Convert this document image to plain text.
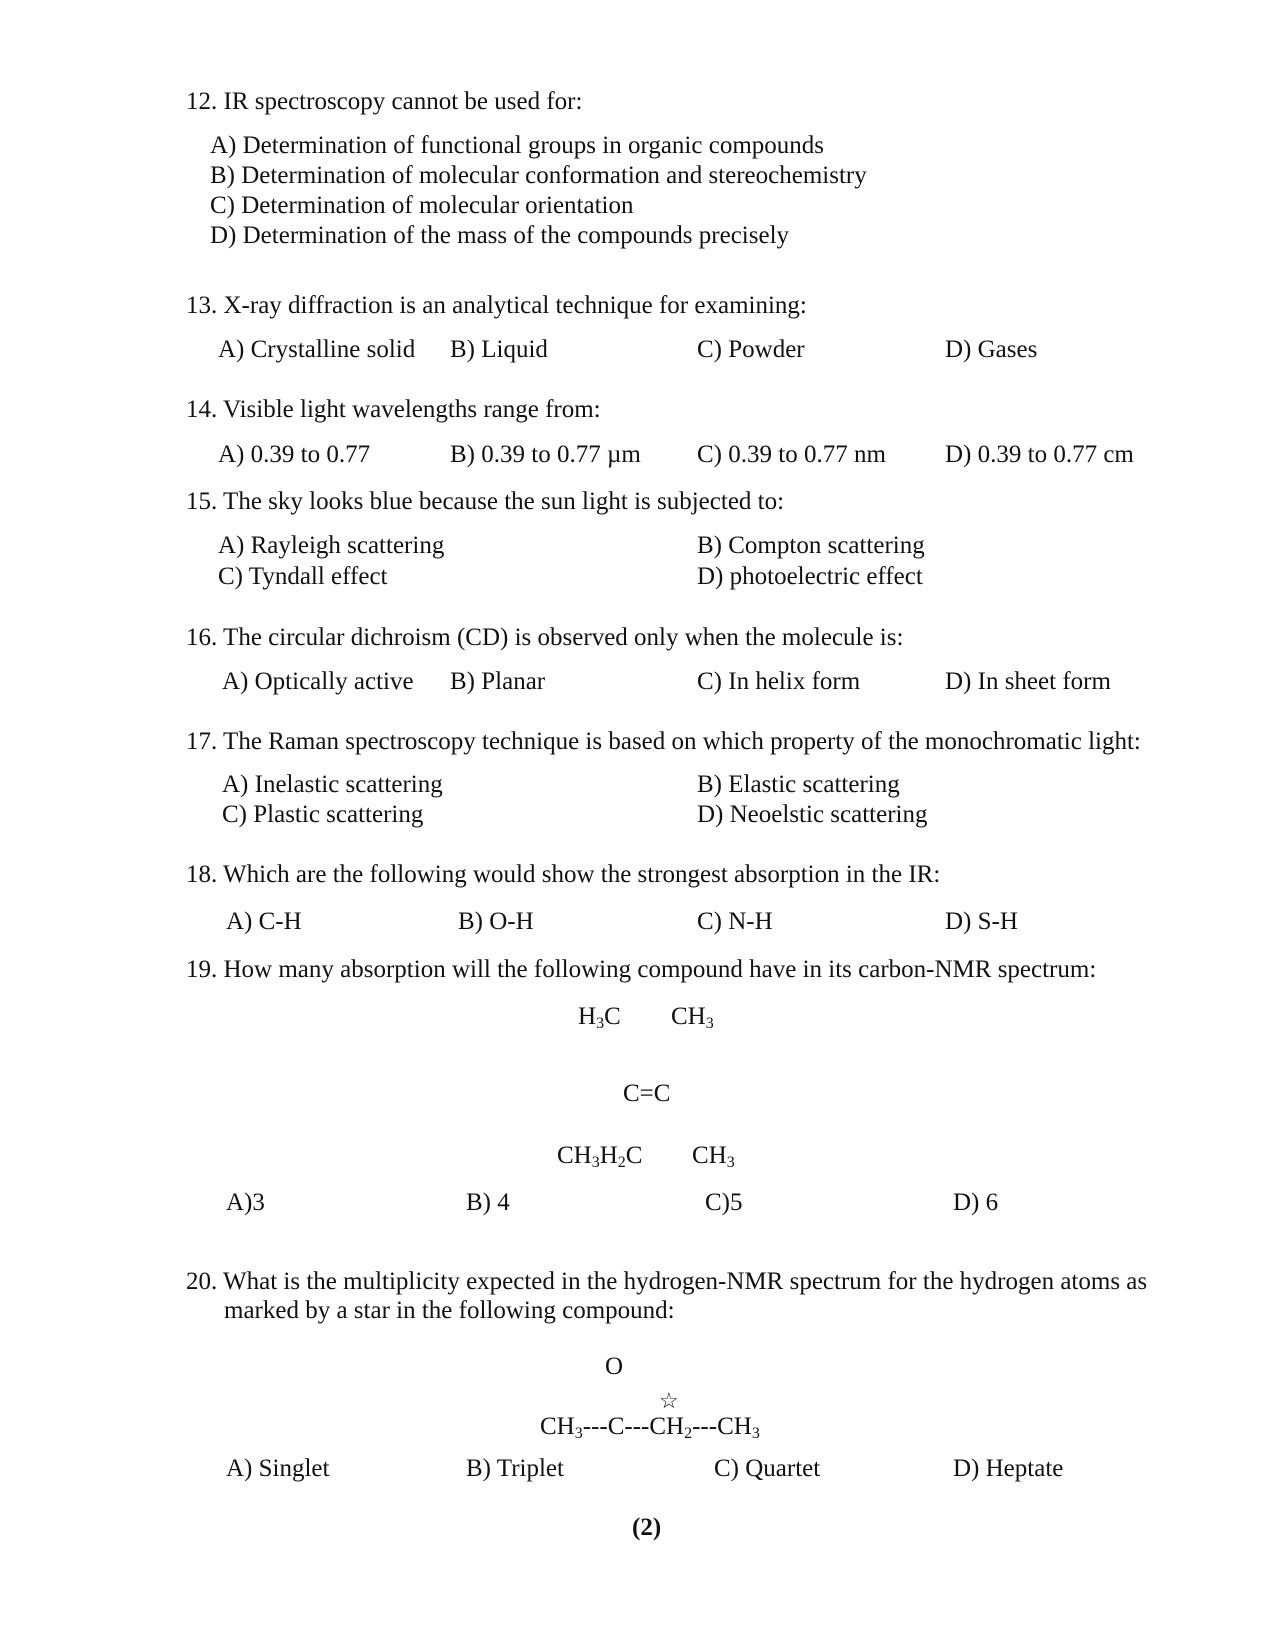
12. IR spectroscopy cannot be used for:
A) Determination of functional groups in organic compounds
B) Determination of molecular conformation and stereochemistry
C) Determination of molecular orientation
D) Determination of the mass of the compounds precisely
13. X-ray diffraction is an analytical technique for examining:
A) Crystalline solid B) Liquid	C) Powder	D) Gases
14. Visible light wavelengths range from:
A) 0.39 to 0.77	B) 0.39 to 0.77 µm C) 0.39 to 0.77 nm D) 0.39 to 0.77 cm
15. The sky looks blue because the sun light is subjected to:
A) Rayleigh scattering	B) Compton scattering
C) Tyndall effect	D) photoelectric effect
16. The circular dichroism (CD) is observed only when the molecule is:
A) Optically active B) Planar	C) In helix form	D) In sheet form
17. The Raman spectroscopy technique is based on which property of the monochromatic light:
A) Inelastic scattering	B) Elastic scattering
C) Plastic scattering	D) Neoelstic scattering
18. Which are the following would show the strongest absorption in the IR:
A) C-H	B) O-H	C) N-H	D) S-H
19. How many absorption will the following compound have in its carbon-NMR spectrum:
$H_3C$ $CH_3$
C=C
$CH_3H_2C$ $CH_3$
A)3	B) 4	C)5	D) 6
20. What is the multiplicity expected in the hydrogen-NMR spectrum for the hydrogen atoms as
marked by a star in the following compound:
O
☆
$CH_3---C---CH_2---CH_3$
A) Singlet	B) Triplet	C) Quartet	D) Heptate
(2)
